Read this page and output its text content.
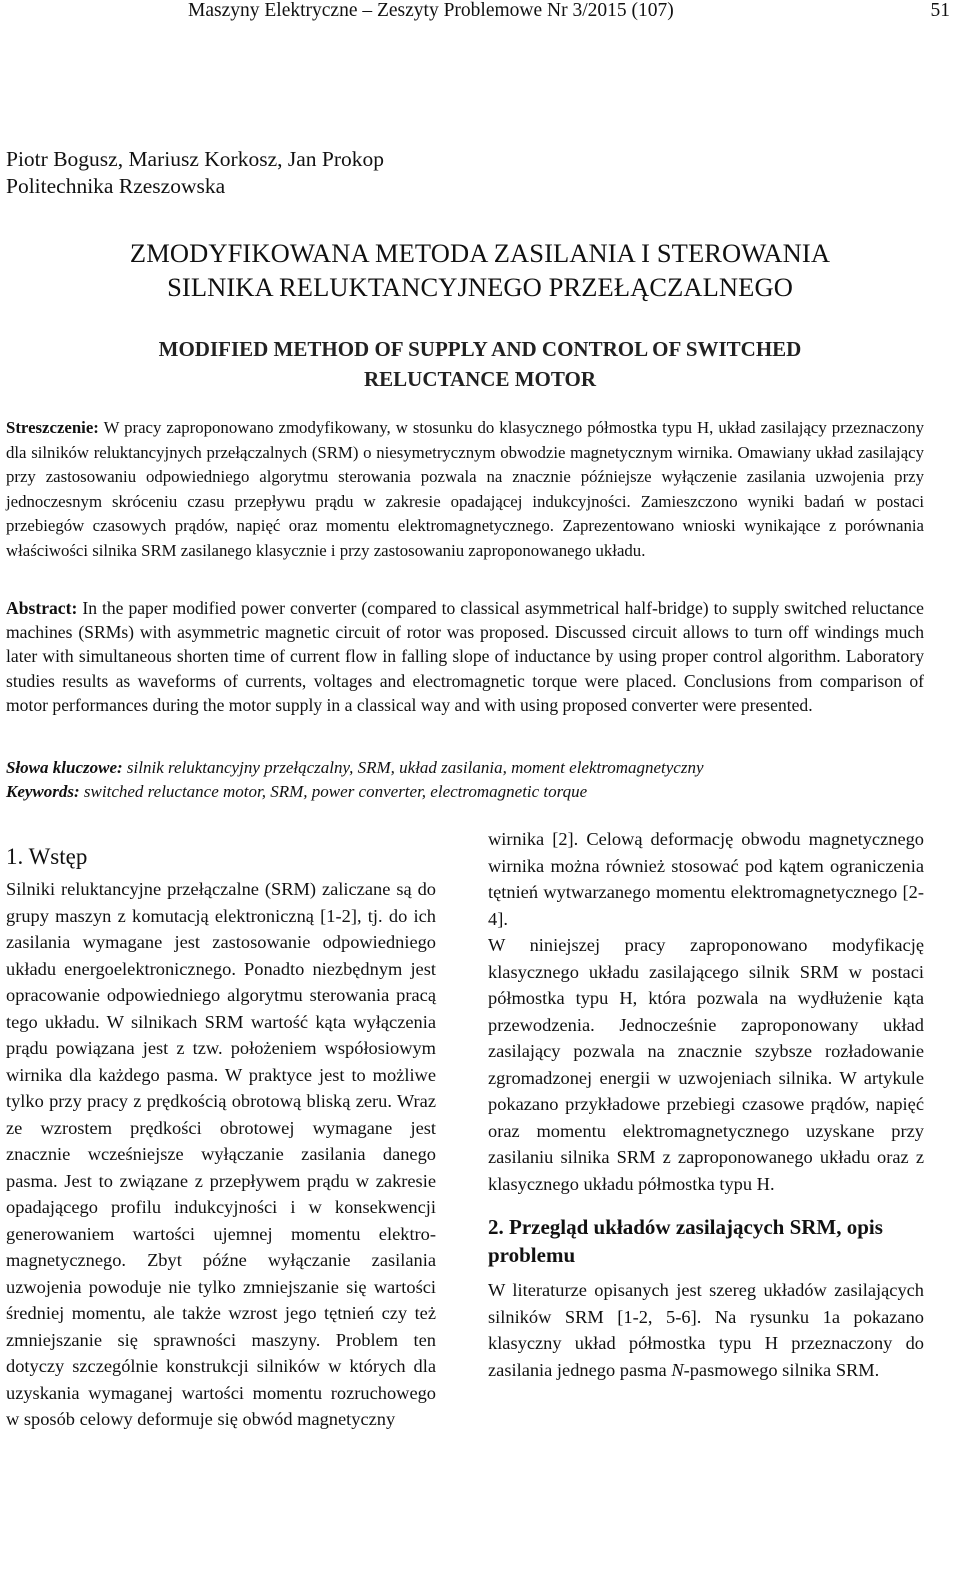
Maszyny Elektryczne – Zeszyty Problemowe Nr 3/2015 (107)	51
Piotr Bogusz, Mariusz Korkosz, Jan Prokop
Politechnika Rzeszowska
ZMODYFIKOWANA METODA ZASILANIA I STEROWANIA
SILNIKA RELUKTANCYJNEGO PRZEŁĄCZALNEGO
MODIFIED METHOD OF SUPPLY AND CONTROL OF SWITCHED
RELUCTANCE MOTOR
Streszczenie: W pracy zaproponowano zmodyfikowany, w stosunku do klasycznego półmostka typu H, układ zasilający przeznaczony dla silników reluktancyjnych przełączalnych (SRM) o niesymetrycznym obwodzie magnetycznym wirnika. Omawiany układ zasilający przy zastosowaniu odpowiedniego algorytmu sterowania pozwala na znacznie późniejsze wyłączenie zasilania uzwojenia przy jednoczesnym skróceniu czasu przepływu prądu w zakresie opadającej indukcyjności. Zamieszczono wyniki badań w postaci przebiegów czasowych prądów, napięć oraz momentu elektromagnetycznego. Zaprezentowano wnioski wynikające z porównania właściwości silnika SRM zasilanego klasycznie i przy zastosowaniu zaproponowanego układu.
Abstract: In the paper modified power converter (compared to classical asymmetrical half-bridge) to supply switched reluctance machines (SRMs) with asymmetric magnetic circuit of rotor was proposed. Discussed circuit allows to turn off windings much later with simultaneous shorten time of current flow in falling slope of inductance by using proper control algorithm. Laboratory studies results as waveforms of currents, voltages and electromagnetic torque were placed. Conclusions from comparison of motor performances during the motor supply in a classical way and with using proposed converter were presented.
Słowa kluczowe: silnik reluktancyjny przełączalny, SRM, układ zasilania, moment elektromagnetyczny
Keywords: switched reluctance motor, SRM, power converter, electromagnetic torque
1. Wstęp

Silniki reluktancyjne przełączalne (SRM) zaliczane są do grupy maszyn z komutacją elektroniczną [1-2], tj. do ich zasilania wymagane jest zastosowanie odpowiedniego układu energoelektronicznego. Ponadto niezbędnym jest opracowanie odpowiedniego algorytmu sterowania pracą tego układu. W silnikach SRM wartość kąta wyłączenia prądu powiązana jest z tzw. położeniem współosiowym wirnika dla każdego pasma. W praktyce jest to możliwe tylko przy pracy z prędkością obrotową bliską zeru. Wraz ze wzrostem prędkości obrotowej wymagane jest znacznie wcześniejsze wyłączanie zasilania danego pasma. Jest to związane z przepływem prądu w zakresie opadającego profilu indukcyjności i w konsekwencji generowaniem wartości ujemnej momentu elektro-magnetycznego. Zbyt późne wyłączanie zasilania uzwojenia powoduje nie tylko zmniejszanie się wartości średniej momentu, ale także wzrost jego tętnień czy też zmniejszanie się sprawności maszyny. Problem ten dotyczy szczególnie konstrukcji silników w których dla uzyskania wymaganej wartości momentu rozruchowego w sposób celowy deformuje się obwód magnetyczny

wirnika [2]. Celową deformację obwodu magnetycznego wirnika można również stosować pod kątem ograniczenia tętnień wytwarzanego momentu elektromagnetycznego [2-4].

W niniejszej pracy zaproponowano modyfikację klasycznego układu zasilającego silnik SRM w postaci półmostka typu H, która pozwala na wydłużenie kąta przewodzenia. Jednocześnie zaproponowany układ zasilający pozwala na znacznie szybsze rozładowanie zgromadzonej energii w uzwojeniach silnika. W artykule pokazano przykładowe przebiegi czasowe prądów, napięć oraz momentu elektromagnetycznego uzyskane przy zasilaniu silnika SRM z zaproponowanego układu oraz z klasycznego układu półmostka typu H.

2. Przegląd układów zasilających SRM, opis problemu

W literaturze opisanych jest szereg układów zasilających silników SRM [1-2, 5-6]. Na rysunku 1a pokazano klasyczny układ półmostka typu H przeznaczony do zasilania jednego pasma N-pasmowego silnika SRM.
